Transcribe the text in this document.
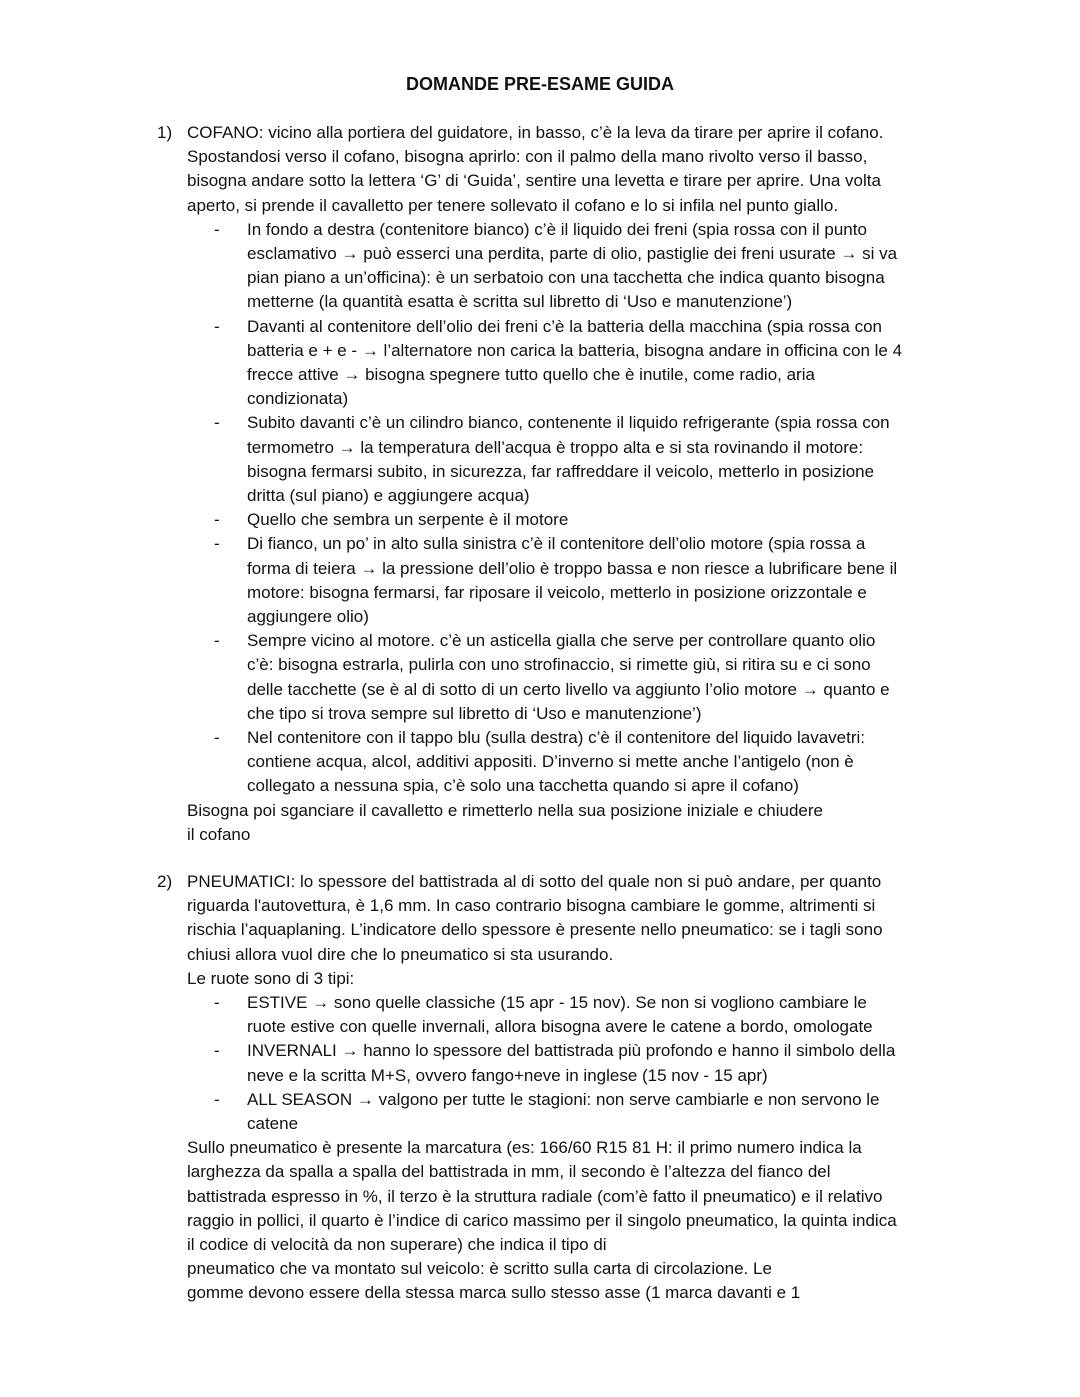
DOMANDE PRE-ESAME GUIDA
1) COFANO: vicino alla portiera del guidatore, in basso, c’è la leva da tirare per aprire il cofano.
Spostandosi verso il cofano, bisogna aprirlo: con il palmo della mano rivolto verso il basso,
bisogna andare sotto la lettera ‘G’ di ‘Guida’, sentire una levetta e tirare per aprire. Una volta
aperto, si prende il cavalletto per tenere sollevato il cofano e lo si infila nel punto giallo.
- In fondo a destra (contenitore bianco) c’è il liquido dei freni (spia rossa con il punto
esclamativo → può esserci una perdita, parte di olio, pastiglie dei freni usurate → si va
pian piano a un’officina): è un serbatoio con una tacchetta che indica quanto bisogna
metterne (la quantità esatta è scritta sul libretto di ‘Uso e manutenzione’)
- Davanti al contenitore dell’olio dei freni c’è la batteria della macchina (spia rossa con
batteria e + e - → l’alternatore non carica la batteria, bisogna andare in officina con le 4
frecce attive → bisogna spegnere tutto quello che è inutile, come radio, aria
condizionata)
- Subito davanti c’è un cilindro bianco, contenente il liquido refrigerante (spia rossa con
termometro → la temperatura dell’acqua è troppo alta e si sta rovinando il motore:
bisogna fermarsi subito, in sicurezza, far raffreddare il veicolo, metterlo in posizione
dritta (sul piano) e aggiungere acqua)
- Quello che sembra un serpente è il motore
- Di fianco, un po’ in alto sulla sinistra c’è il contenitore dell’olio motore (spia rossa a
forma di teiera → la pressione dell’olio è troppo bassa e non riesce a lubrificare bene il
motore: bisogna fermarsi, far riposare il veicolo, metterlo in posizione orizzontale e
aggiungere olio)
- Sempre vicino al motore. c’è un asticella gialla che serve per controllare quanto olio
c’è: bisogna estrarla, pulirla con uno strofinaccio, si rimette giù, si ritira su e ci sono
delle tacchette (se è al di sotto di un certo livello va aggiunto l’olio motore → quanto e
che tipo si trova sempre sul libretto di ‘Uso e manutenzione’)
- Nel contenitore con il tappo blu (sulla destra) c’è il contenitore del liquido lavavetri:
contiene acqua, alcol, additivi appositi. D’inverno si mette anche l’antigelo (non è
collegato a nessuna spia, c’è solo una tacchetta quando si apre il cofano)
Bisogna poi sganciare il cavalletto e rimetterlo nella sua posizione iniziale e chiudere
il cofano
2) PNEUMATICI: lo spessore del battistrada al di sotto del quale non si può andare, per quanto
riguarda l'autovettura, è 1,6 mm. In caso contrario bisogna cambiare le gomme, altrimenti si
rischia l’aquaplaning. L’indicatore dello spessore è presente nello pneumatico: se i tagli sono
chiusi allora vuol dire che lo pneumatico si sta usurando.
Le ruote sono di 3 tipi:
- ESTIVE → sono quelle classiche (15 apr - 15 nov). Se non si vogliono cambiare le
ruote estive con quelle invernali, allora bisogna avere le catene a bordo, omologate
- INVERNALI → hanno lo spessore del battistrada più profondo e hanno il simbolo della
neve e la scritta M+S, ovvero fango+neve in inglese (15 nov - 15 apr)
- ALL SEASON → valgono per tutte le stagioni: non serve cambiarle e non servono le
catene
Sullo pneumatico è presente la marcatura (es: 166/60 R15 81 H: il primo numero indica la
larghezza da spalla a spalla del battistrada in mm, il secondo è l’altezza del fianco del
battistrada espresso in %, il terzo è la struttura radiale (com’è fatto il pneumatico) e il relativo
raggio in pollici, il quarto è l’indice di carico massimo per il singolo pneumatico, la quinta indica
il codice di velocità da non superare) che indica il tipo di
pneumatico che va montato sul veicolo: è scritto sulla carta di circolazione. Le
gomme devono essere della stessa marca sullo stesso asse (1 marca davanti e 1
